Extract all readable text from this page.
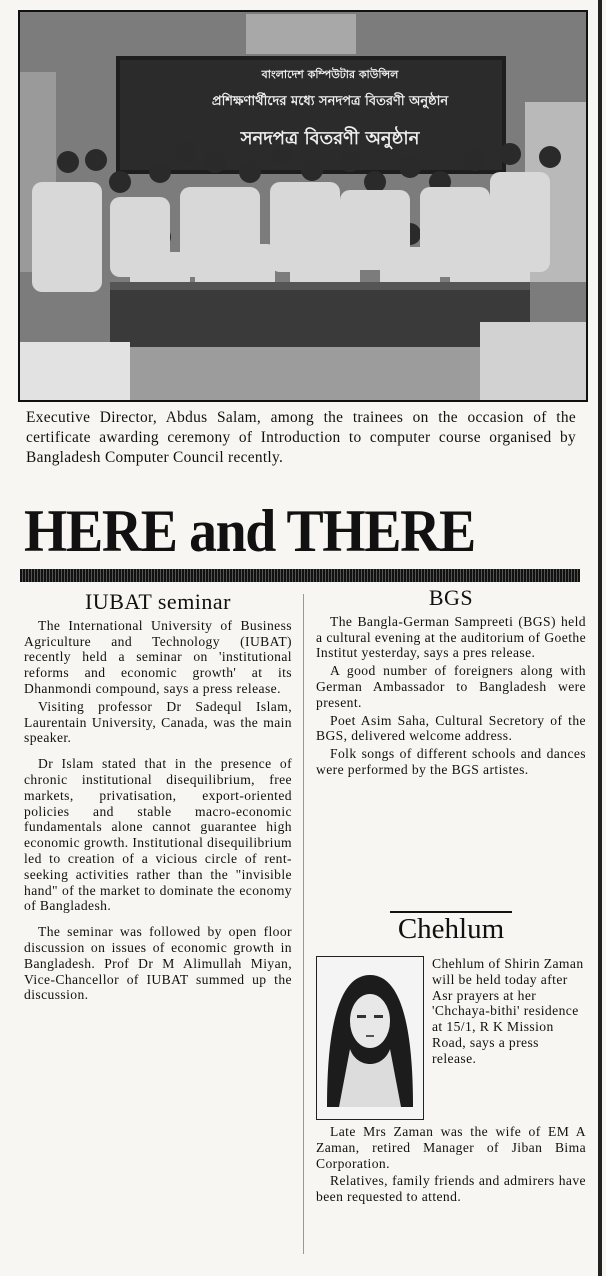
বাংলাদেশ কম্পিউটার কাউন্সিল
প্রশিক্ষণার্থীদের মধ্যে সনদপত্র বিতরণী অনুষ্ঠান
সনদপত্র বিতরণী অনুষ্ঠান
Executive Director, Abdus Salam, among the trainees on the occasion of the certificate awarding ceremony of Introduction to computer course organised by Bangladesh Computer Council recently.
HERE and THERE
IUBAT seminar

The International University of Business Agriculture and Technology (IUBAT) recently held a seminar on 'institutional reforms and economic growth' at its Dhanmondi compound, says a press release.

Visiting professor Dr Sadequl Islam, Laurentain University, Canada, was the main speaker.

Dr Islam stated that in the presence of chronic institutional disequilibrium, free markets, privatisation, export-oriented policies and stable macro-economic fundamentals alone cannot guarantee high economic growth. Institutional disequilibrium led to creation of a vicious circle of rent-seeking activities rather than the "invisible hand" of the market to dominate the economy of Bangladesh.

The seminar was followed by open floor discussion on issues of economic growth in Bangladesh. Prof Dr M Alimullah Miyan, Vice-Chancellor of IUBAT summed up the discussion.

BGS

The Bangla-German Sampreeti (BGS) held a cultural evening at the auditorium of Goethe Institut yesterday, says a pres release.

A good number of foreigners along with German Ambassador to Bangladesh were present.

Poet Asim Saha, Cultural Secretory of the BGS, delivered welcome address.

Folk songs of different schools and dances were performed by the BGS artistes.

Chehlum

Chehlum of Shirin Zaman will be held today after Asr prayers at her 'Chchaya-bithi' residence at 15/1, R K Mission Road, says a press release.

Late Mrs Zaman was the wife of EM A Zaman, retired Manager of Jiban Bima Corporation.

Relatives, family friends and admirers have been requested to attend.
